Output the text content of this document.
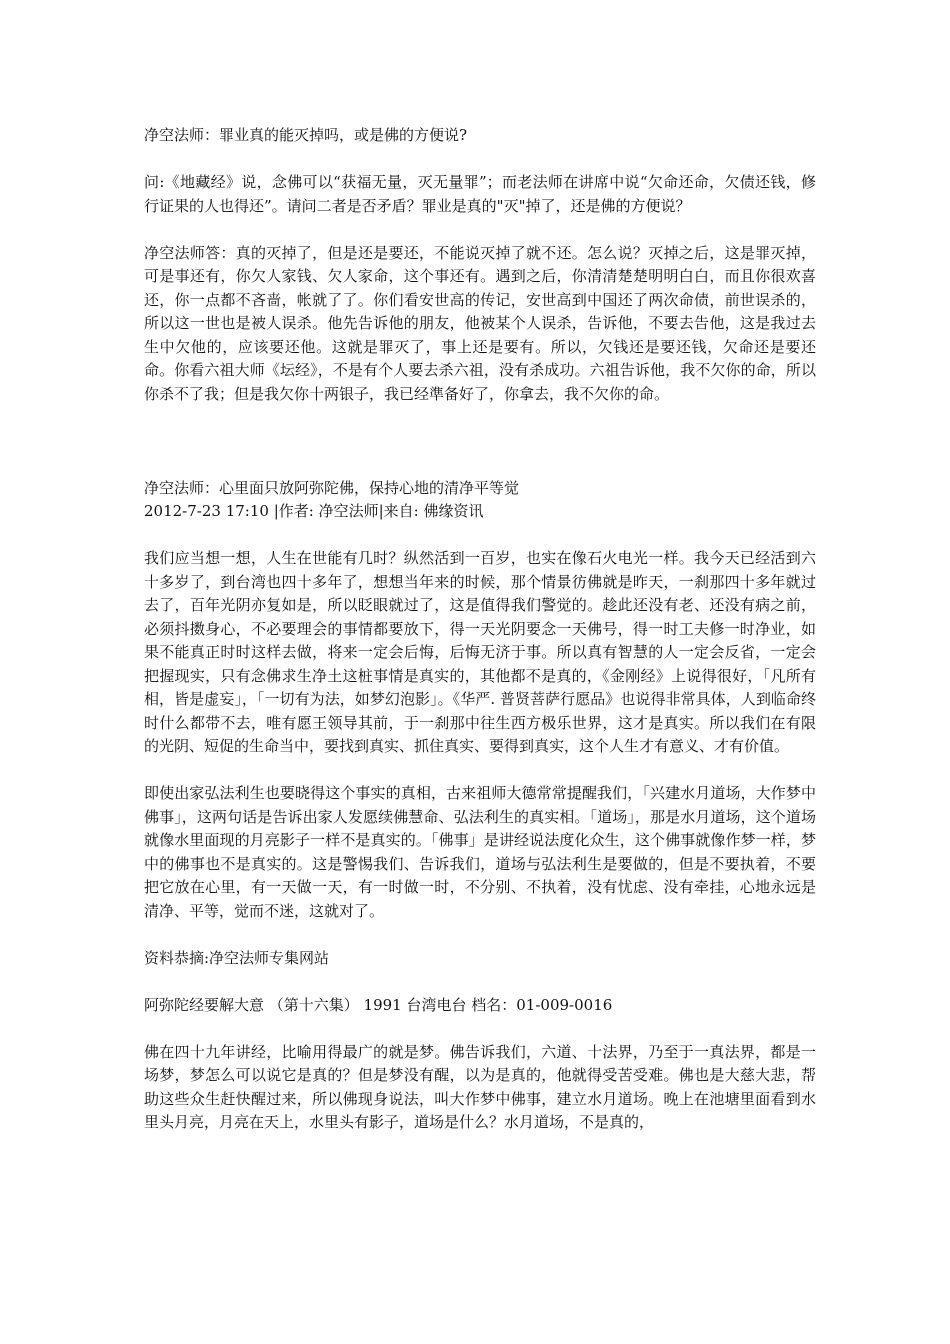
净空法师：罪业真的能灭掉吗，或是佛的方便说?

问:《地藏经》说，念佛可以“获福无量，灭无量罪”；而老法师在讲席中说“欠命还命，欠债还钱，修行证果的人也得还”。请问二者是否矛盾？罪业是真的"灭"掉了，还是佛的方便说？

净空法师答：真的灭掉了，但是还是要还，不能说灭掉了就不还。怎么说？灭掉之后，这是罪灭掉，可是事还有，你欠人家钱、欠人家命，这个事还有。遇到之后，你清清楚楚明明白白，而且你很欢喜还，你一点都不吝啬，帐就了了。你们看安世高的传记，安世高到中国还了两次命债，前世误杀的，所以这一世也是被人误杀。他先告诉他的朋友，他被某个人误杀，告诉他，不要去告他，这是我过去生中欠他的，应该要还他。这就是罪灭了，事上还是要有。所以，欠钱还是要还钱，欠命还是要还命。你看六祖大师《坛经》，不是有个人要去杀六祖，没有杀成功。六祖告诉他，我不欠你的命，所以你杀不了我；但是我欠你十两银子，我已经準备好了，你拿去，我不欠你的命。

净空法师：心里面只放阿弥陀佛，保持心地的清净平等觉

2012-7-23 17:10 |作者: 净空法师|来自: 佛缘资讯

我们应当想一想，人生在世能有几时？纵然活到一百岁，也实在像石火电光一样。我今天已经活到六十多岁了，到台湾也四十多年了，想想当年来的时候，那个情景彷佛就是昨天，一刹那四十多年就过去了，百年光阴亦复如是，所以眨眼就过了，这是值得我们警觉的。趁此还没有老、还没有病之前，必须抖擞身心，不必要理会的事情都要放下，得一天光阴要念一天佛号，得一时工夫修一时净业，如果不能真正时时这样去做，将来一定会后悔，后悔无济于事。所以真有智慧的人一定会反省，一定会把握现实，只有念佛求生净土这桩事情是真实的，其他都不是真的，《金刚经》上说得很好，「凡所有相，皆是虚妄」，「一切有为法，如梦幻泡影」。《华严. 普贤菩萨行愿品》也说得非常具体，人到临命终时什么都带不去，唯有愿王领导其前，于一刹那中往生西方极乐世界，这才是真实。所以我们在有限的光阴、短促的生命当中，要找到真实、抓住真实、要得到真实，这个人生才有意义、才有价值。

即使出家弘法利生也要晓得这个事实的真相，古来祖师大德常常提醒我们，「兴建水月道场，大作梦中佛事」，这两句话是告诉出家人发愿续佛慧命、弘法利生的真实相。「道场」，那是水月道场，这个道场就像水里面现的月亮影子一样不是真实的。「佛事」是讲经说法度化众生，这个佛事就像作梦一样，梦中的佛事也不是真实的。这是警惕我们、告诉我们，道场与弘法利生是要做的，但是不要执着，不要把它放在心里，有一天做一天，有一时做一时，不分别、不执着，没有忧虑、没有牵挂，心地永远是清净、平等，觉而不迷，这就对了。

资料恭摘:净空法师专集网站

阿弥陀经要解大意 （第十六集） 1991 台湾电台 档名：01-009-0016

佛在四十九年讲经，比喻用得最广的就是梦。佛告诉我们，六道、十法界，乃至于一真法界，都是一场梦，梦怎么可以说它是真的？但是梦没有醒，以为是真的，他就得受苦受难。佛也是大慈大悲，帮助这些众生赶快醒过来，所以佛现身说法，叫大作梦中佛事，建立水月道场。晚上在池塘里面看到水里头月亮，月亮在天上，水里头有影子，道场是什么？水月道场，不是真的，
